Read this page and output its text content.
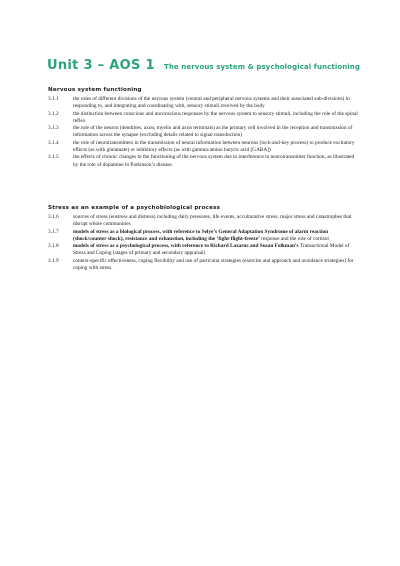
Unit 3 – AOS 1 The nervous system & psychological functioning
Nervous system functioning
3.1.1	the roles of different divisions of the nervous system (central and peripheral nervous systems and their associated sub-divisions) in responding to, and integrating and coordinating with, sensory stimuli received by the body
3.1.2	the distinction between conscious and unconscious responses by the nervous system to sensory stimuli, including the role of the spinal reflex
3.1.3	the role of the neuron (dendrites, axon, myelin and axon terminals) as the primary cell involved in the reception and transmission of information across the synapse (excluding details related to signal transduction)
3.1.4	the role of neurotransmitters in the transmission of neural information between neurons (lock-and-key process) to produce excitatory effects (as with glutamate) or inhibitory effects (as with gamma-amino butyric acid [GABA])
3.1.5	the effects of chronic changes to the functioning of the nervous system due to interference to neurotransmitter function, as illustrated by the role of dopamine in Parkinson’s disease.
Stress as an example of a psychobiological process
3.1.6	sources of stress (eustress and distress) including daily pressures, life events, acculturative stress, major stress and catastrophes that disrupt whole communities
3.1.7	models of stress as a biological process, with reference to Selye’s General Adaptation Syndrome of alarm reaction (shock/counter shock), resistance and exhaustion, including the ‘fight-flight-freeze’ response and the role of cortisol
3.1.8	models of stress as a psychological process, with reference to Richard Lazarus and Susan Folkman’s Transactional Model of Stress and Coping (stages of primary and secondary appraisal)
3.1.9	context-specific effectiveness, coping flexibility and use of particular strategies (exercise and approach and avoidance strategies) for coping with stress.
